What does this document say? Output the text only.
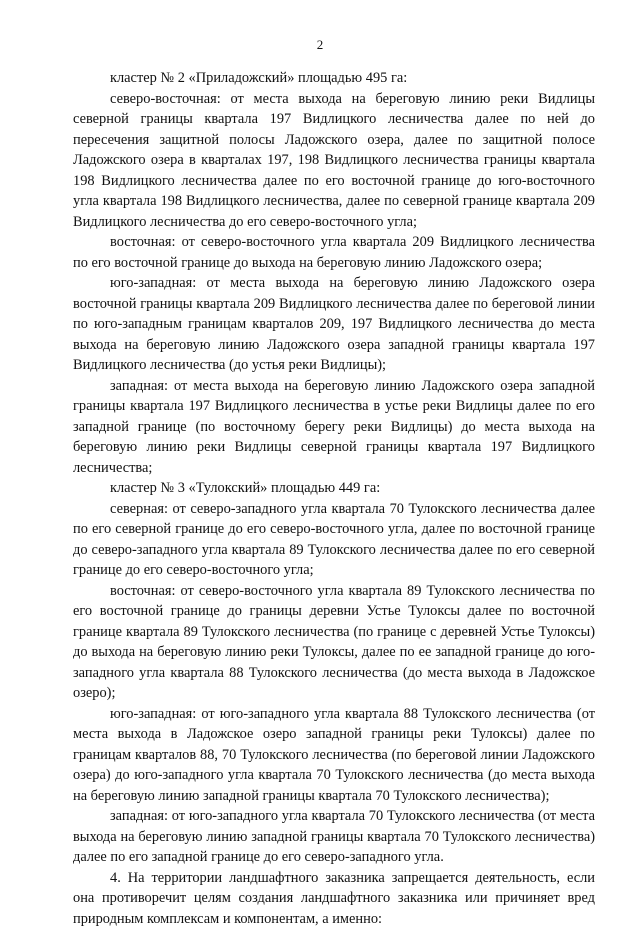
2

кластер № 2 «Приладожский» площадью 495 га:

северо-восточная: от места выхода на береговую линию реки Видлицы северной границы квартала 197 Видлицкого лесничества далее по ней до пересечения защитной полосы Ладожского озера, далее по защитной полосе Ладожского озера в кварталах 197, 198 Видлицкого лесничества границы квартала 198 Видлицкого лесничества далее по его восточной границе до юго-восточного угла квартала 198 Видлицкого лесничества, далее по северной границе квартала 209 Видлицкого лесничества до его северо-восточного угла;

восточная: от северо-восточного угла квартала 209 Видлицкого лесничества по его восточной границе до выхода на береговую линию Ладожского озера;

юго-западная: от места выхода на береговую линию Ладожского озера восточной границы квартала 209 Видлицкого лесничества далее по береговой линии по юго-западным границам кварталов 209, 197 Видлицкого лесничества до места выхода на береговую линию Ладожского озера западной границы квартала 197 Видлицкого лесничества (до устья реки Видлицы);

западная: от места выхода на береговую линию Ладожского озера западной границы квартала 197 Видлицкого лесничества в устье реки Видлицы далее по его западной границе (по восточному берегу реки Видлицы) до места выхода на береговую линию реки Видлицы северной границы квартала 197 Видлицкого лесничества;

кластер № 3 «Тулокский» площадью 449 га:

северная: от северо-западного угла квартала 70 Тулокского лесничества далее по его северной границе до его северо-восточного угла, далее по восточной границе до северо-западного угла квартала 89 Тулокского лесничества далее по его северной границе до его северо-восточного угла;

восточная: от северо-восточного угла квартала 89 Тулокского лесничества по его восточной границе до границы деревни Устье Тулоксы далее по восточной границе квартала 89 Тулокского лесничества (по границе с деревней Устье Тулоксы) до выхода на береговую линию реки Тулоксы, далее по ее западной границе до юго-западного угла квартала 88 Тулокского лесничества (до места выхода в Ладожское озеро);

юго-западная: от юго-западного угла квартала 88 Тулокского лесничества (от места выхода в Ладожское озеро западной границы реки Тулоксы) далее по границам кварталов 88, 70 Тулокского лесничества (по береговой линии Ладожского озера) до юго-западного угла квартала 70 Тулокского лесничества (до места выхода на береговую линию западной границы квартала 70 Тулокского лесничества);

западная: от юго-западного угла квартала 70 Тулокского лесничества (от места выхода на береговую линию западной границы квартала 70 Тулокского лесничества) далее по его западной границе до его северо-западного угла.

4. На территории ландшафтного заказника запрещается деятельность, если она противоречит целям создания ландшафтного заказника или причиняет вред природным комплексам и компонентам, а именно:
